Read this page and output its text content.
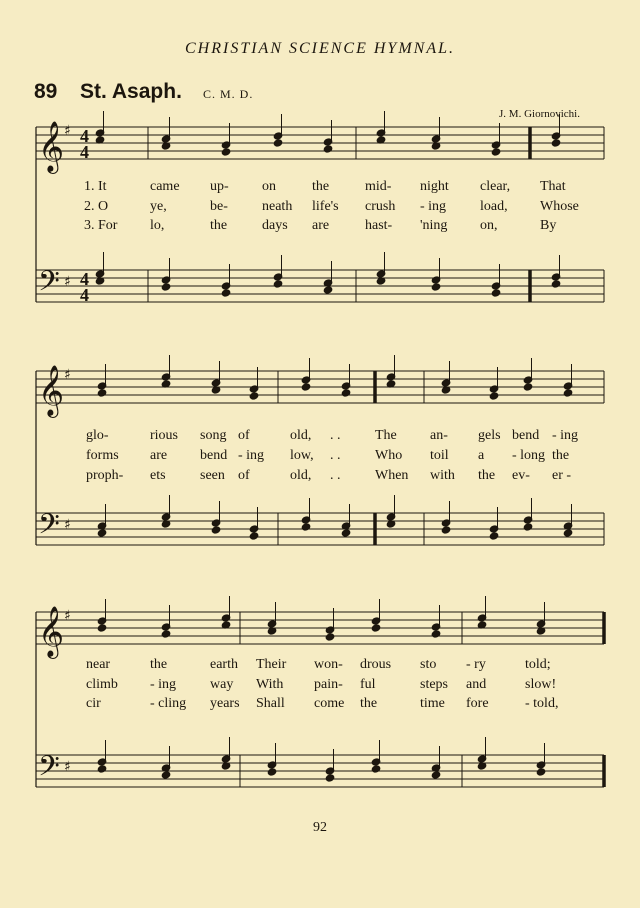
CHRISTIAN SCIENCE HYMNAL.
89 St. Asaph. C. M. D.
J. M. Giornovichi.
𝄞
𝄢
♯
♯
𝄞
𝄢
♯
♯
𝄞
𝄢
♯
♯
4
4
4
4
1. It	came up- on	the	mid- night clear, That
2. O	ye,	be- neath life's crush - ing load, Whose
3. For lo,	the days are	hast- 'ning on,	By
glo-	rious song of	old, . . The an- gels bend - ing
forms are bend - ing low, . . Who toil a - long the
proph- ets seen of	old, . . When with the ev- er -
near	the	earth Their won- drous sto - ry	told;
climb - ing way With pain- ful	steps and	slow!
cir	- cling years Shall come the	time fore	- told,
92
